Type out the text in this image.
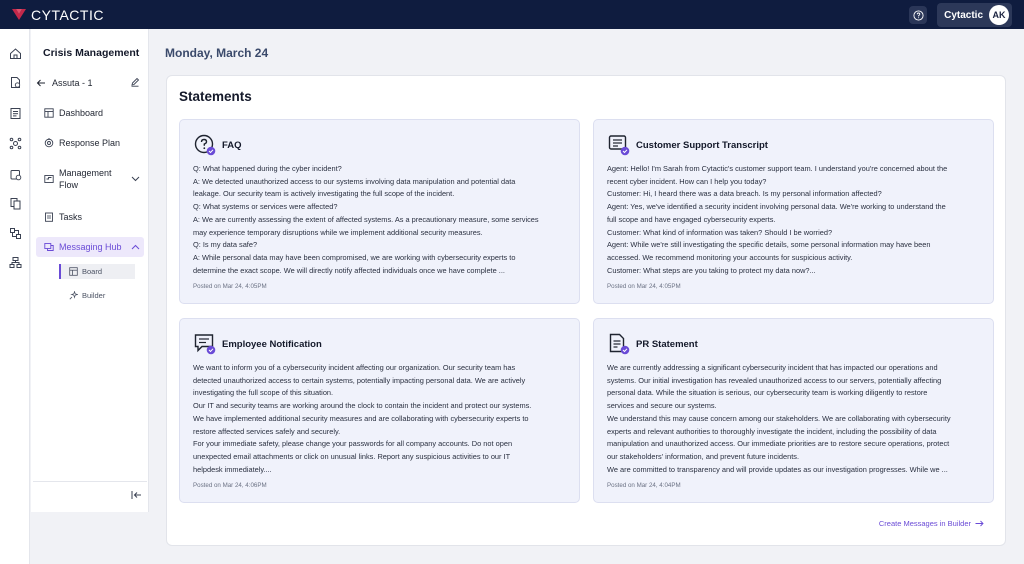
CYTACTIC	Cytactic	AK
Crisis Management
Assuta - 1
Dashboard
Response Plan
Management Flow
Tasks
Messaging Hub
Board
Builder
Monday, March 24
Statements
FAQ
Q: What happened during the cyber incident?
A: We detected unauthorized access to our systems involving data manipulation and potential data
leakage. Our security team is actively investigating the full scope of the incident.
Q: What systems or services were affected?
A: We are currently assessing the extent of affected systems. As a precautionary measure, some services
may experience temporary disruptions while we implement additional security measures.
Q: Is my data safe?
A: While personal data may have been compromised, we are working with cybersecurity experts to
determine the exact scope. We will directly notify affected individuals once we have complete ...
Posted on Mar 24, 4:05PM
Customer Support Transcript
Agent: Hello! I'm Sarah from Cytactic's customer support team. I understand you're concerned about the
recent cyber incident. How can I help you today?
Customer: Hi, I heard there was a data breach. Is my personal information affected?
Agent: Yes, we've identified a security incident involving personal data. We're working to understand the
full scope and have engaged cybersecurity experts.
Customer: What kind of information was taken? Should I be worried?
Agent: While we're still investigating the specific details, some personal information may have been
accessed. We recommend monitoring your accounts for suspicious activity.
Customer: What steps are you taking to protect my data now?...
Posted on Mar 24, 4:05PM
Employee Notification
We want to inform you of a cybersecurity incident affecting our organization. Our security team has
detected unauthorized access to certain systems, potentially impacting personal data. We are actively
investigating the full scope of this situation.
Our IT and security teams are working around the clock to contain the incident and protect our systems.
We have implemented additional security measures and are collaborating with cybersecurity experts to
restore affected services safely and securely.
For your immediate safety, please change your passwords for all company accounts. Do not open
unexpected email attachments or click on unusual links. Report any suspicious activities to our IT
helpdesk immediately....
Posted on Mar 24, 4:06PM
PR Statement
We are currently addressing a significant cybersecurity incident that has impacted our operations and
systems. Our initial investigation has revealed unauthorized access to our servers, potentially affecting
personal data. While the situation is serious, our cybersecurity team is working diligently to restore
services and secure our systems.
We understand this may cause concern among our stakeholders. We are collaborating with cybersecurity
experts and relevant authorities to thoroughly investigate the incident, including the possibility of data
manipulation and unauthorized access. Our immediate priorities are to restore secure operations, protect
our stakeholders' information, and prevent future incidents.
We are committed to transparency and will provide updates as our investigation progresses. While we ...
Posted on Mar 24, 4:04PM
Create Messages in Builder
